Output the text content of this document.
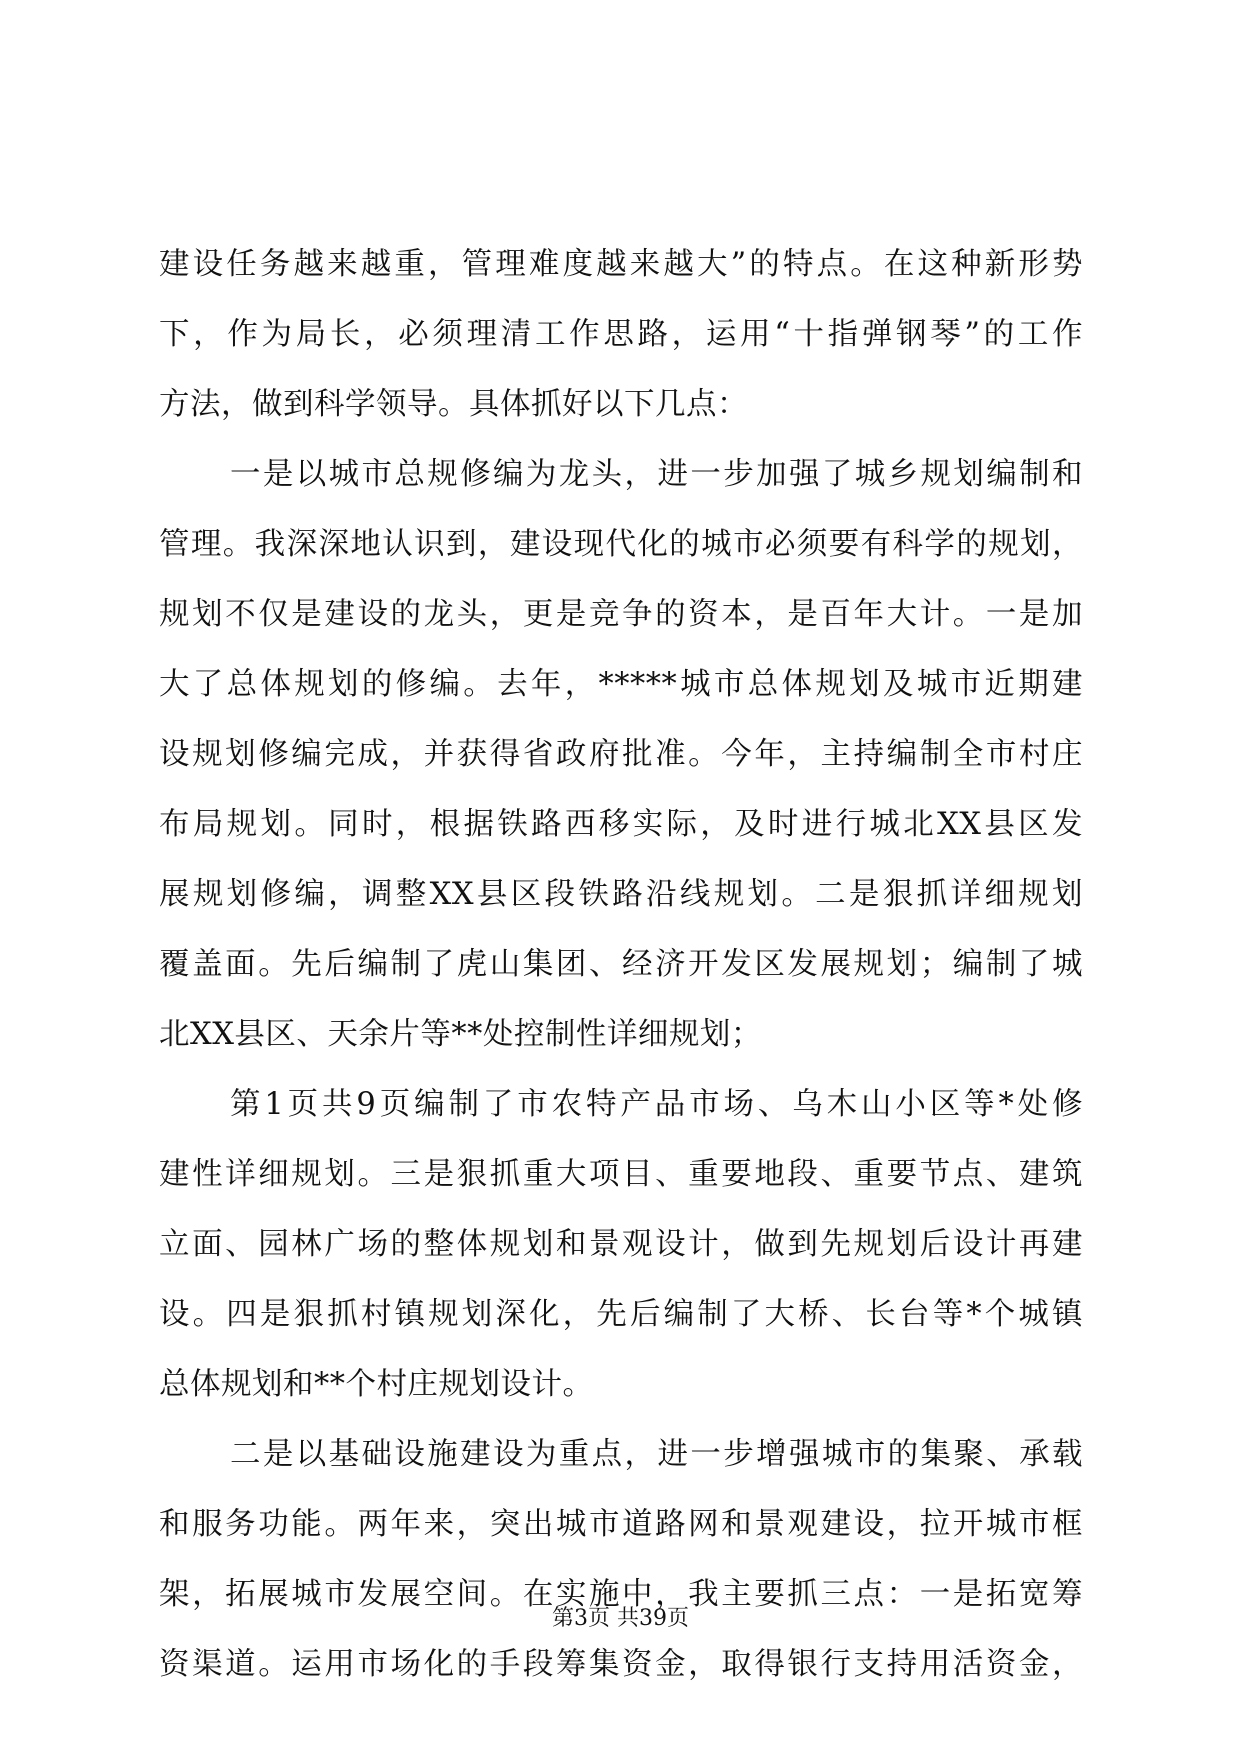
建设任务越来越重，管理难度越来越大”的特点。在这种新形势
下，作为局长，必须理清工作思路，运用“十指弹钢琴”的工作
方法，做到科学领导。具体抓好以下几点：
一是以城市总规修编为龙头，进一步加强了城乡规划编制和
管理。我深深地认识到，建设现代化的城市必须要有科学的规划，
规划不仅是建设的龙头，更是竞争的资本，是百年大计。一是加
大了总体规划的修编。去年，*****城市总体规划及城市近期建
设规划修编完成，并获得省政府批准。今年，主持编制全市村庄
布局规划。同时，根据铁路西移实际，及时进行城北XX县区发
展规划修编，调整XX县区段铁路沿线规划。二是狠抓详细规划
覆盖面。先后编制了虎山集团、经济开发区发展规划；编制了城
北XX县区、天余片等**处控制性详细规划；
第1页共9页编制了市农特产品市场、乌木山小区等*处修
建性详细规划。三是狠抓重大项目、重要地段、重要节点、建筑
立面、园林广场的整体规划和景观设计，做到先规划后设计再建
设。四是狠抓村镇规划深化，先后编制了大桥、长台等*个城镇
总体规划和**个村庄规划设计。
二是以基础设施建设为重点，进一步增强城市的集聚、承载
和服务功能。两年来，突出城市道路网和景观建设，拉开城市框
架，拓展城市发展空间。在实施中，我主要抓三点：一是拓宽筹
资渠道。运用市场化的手段筹集资金，取得银行支持用活资金，
第3页 共39页
